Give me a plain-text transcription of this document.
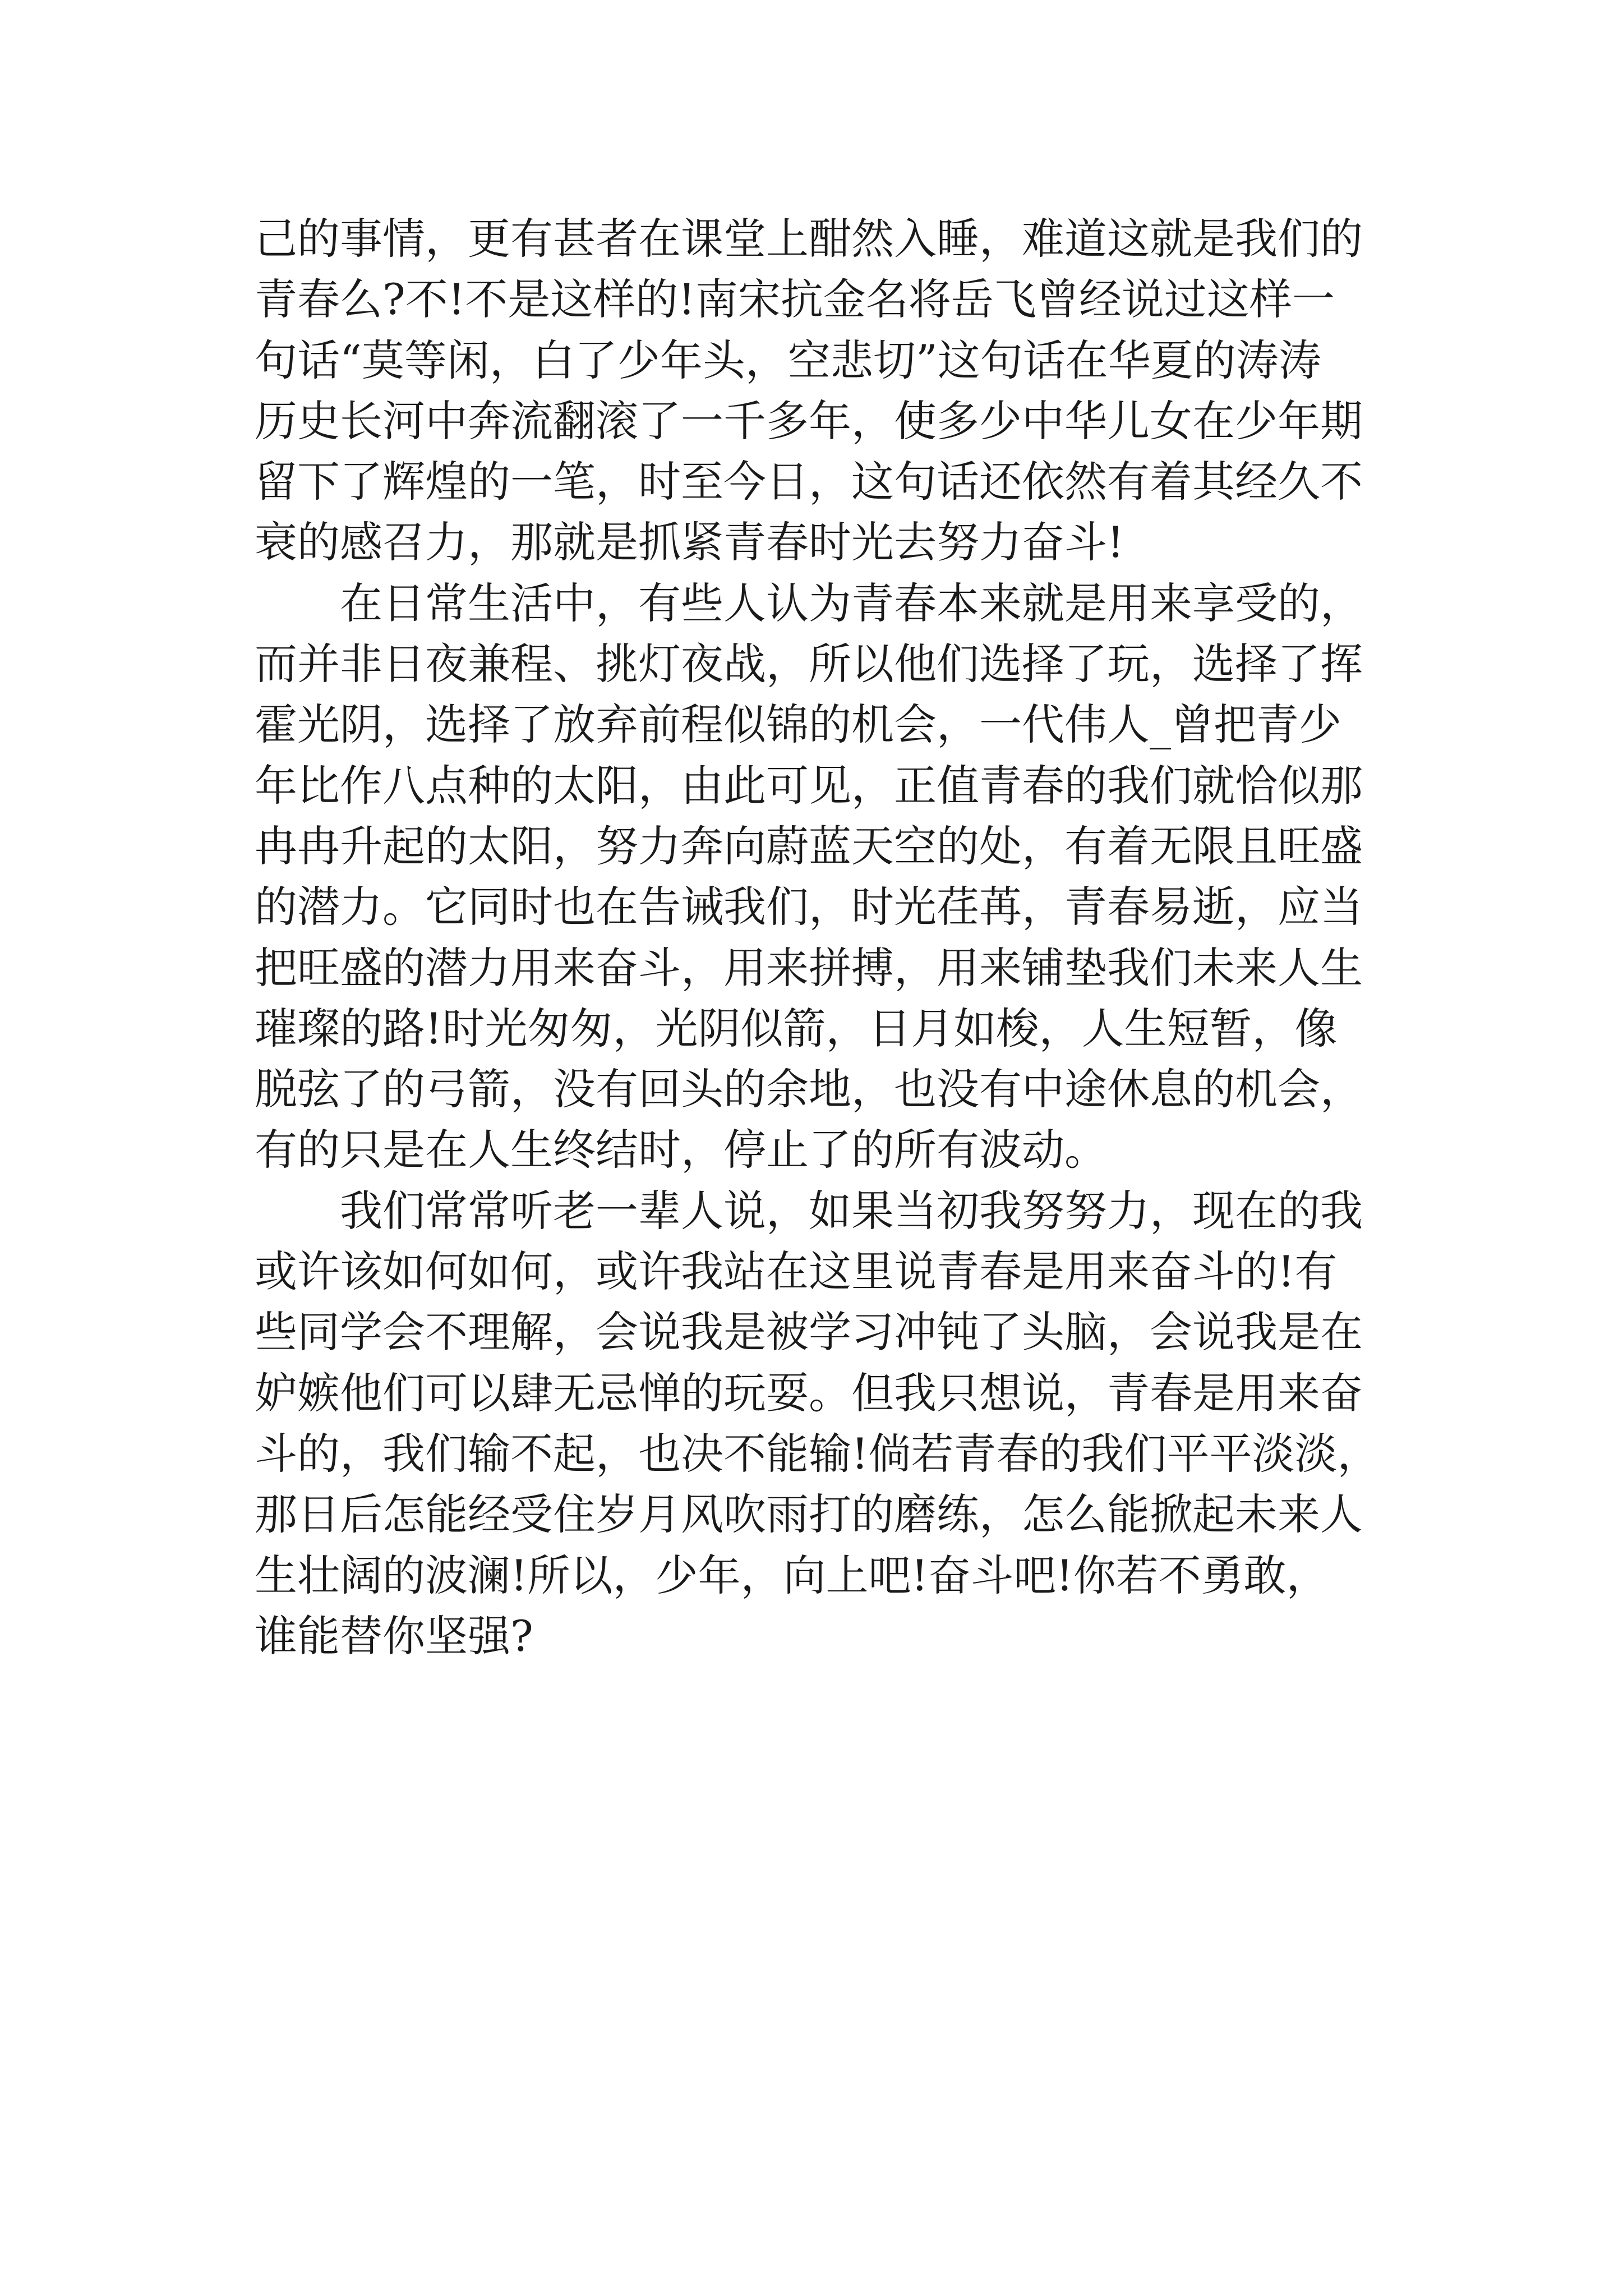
己的事情，更有甚者在课堂上酣然入睡，难道这就是我们的
青春么?不!不是这样的!南宋抗金名将岳飞曾经说过这样一
句话“莫等闲，白了少年头，空悲切”这句话在华夏的涛涛
历史长河中奔流翻滚了一千多年，使多少中华儿女在少年期
留下了辉煌的一笔，时至今日，这句话还依然有着其经久不
衰的感召力，那就是抓紧青春时光去努力奋斗!
在日常生活中，有些人认为青春本来就是用来享受的，
而并非日夜兼程、挑灯夜战，所以他们选择了玩，选择了挥
霍光阴，选择了放弃前程似锦的机会，一代伟人_曾把青少
年比作八点种的太阳，由此可见，正值青春的我们就恰似那
冉冉升起的太阳，努力奔向蔚蓝天空的处，有着无限且旺盛
的潜力。它同时也在告诫我们，时光荏苒，青春易逝，应当
把旺盛的潜力用来奋斗，用来拼搏，用来铺垫我们未来人生
璀璨的路!时光匆匆，光阴似箭，日月如梭，人生短暂，像
脱弦了的弓箭，没有回头的余地，也没有中途休息的机会，
有的只是在人生终结时，停止了的所有波动。
我们常常听老一辈人说，如果当初我努努力，现在的我
或许该如何如何，或许我站在这里说青春是用来奋斗的!有
些同学会不理解，会说我是被学习冲钝了头脑，会说我是在
妒嫉他们可以肆无忌惮的玩耍。但我只想说，青春是用来奋
斗的，我们输不起，也决不能输!倘若青春的我们平平淡淡，
那日后怎能经受住岁月风吹雨打的磨练，怎么能掀起未来人
生壮阔的波澜!所以，少年，向上吧!奋斗吧!你若不勇敢，
谁能替你坚强?
